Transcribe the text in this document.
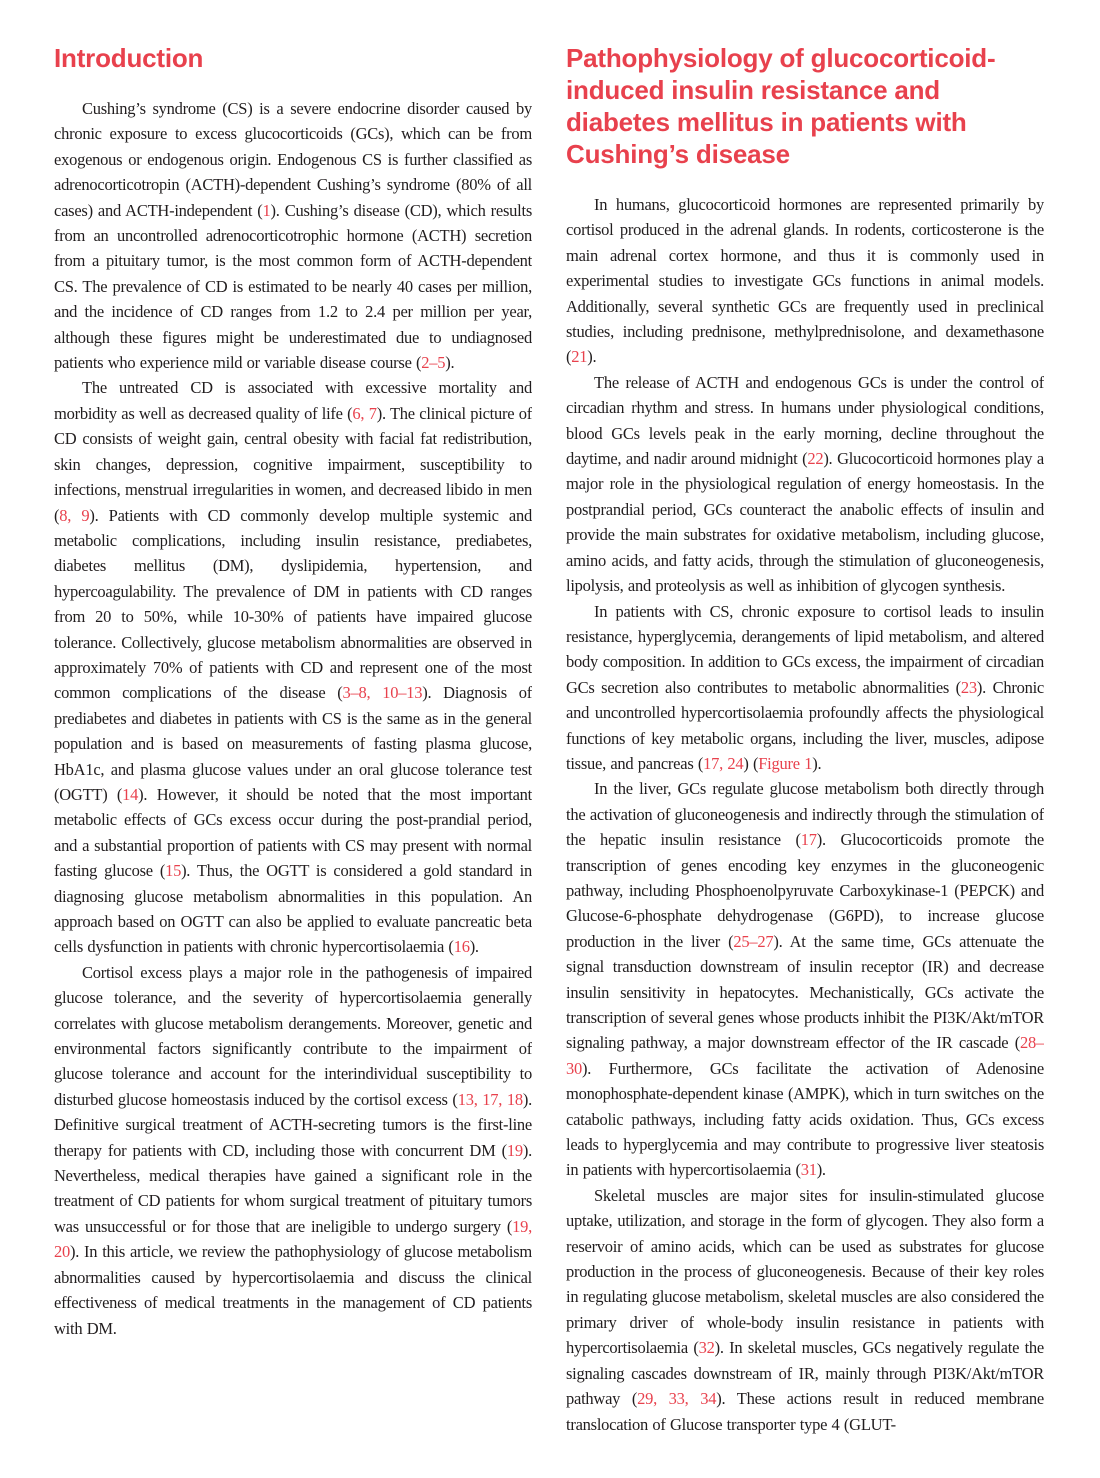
Introduction

Cushing’s syndrome (CS) is a severe endocrine disorder caused by chronic exposure to excess glucocorticoids (GCs), which can be from exogenous or endogenous origin. Endogenous CS is further classified as adrenocorticotropin (ACTH)-dependent Cushing’s syndrome (80% of all cases) and ACTH-independent (1). Cushing’s disease (CD), which results from an uncontrolled adrenocorticotrophic hormone (ACTH) secretion from a pituitary tumor, is the most common form of ACTH-dependent CS. The prevalence of CD is estimated to be nearly 40 cases per million, and the incidence of CD ranges from 1.2 to 2.4 per million per year, although these figures might be underestimated due to undiagnosed patients who experience mild or variable disease course (2–5).

The untreated CD is associated with excessive mortality and morbidity as well as decreased quality of life (6, 7). The clinical picture of CD consists of weight gain, central obesity with facial fat redistribution, skin changes, depression, cognitive impairment, susceptibility to infections, menstrual irregularities in women, and decreased libido in men (8, 9). Patients with CD commonly develop multiple systemic and metabolic complications, including insulin resistance, prediabetes, diabetes mellitus (DM), dyslipidemia, hypertension, and hypercoagulability. The prevalence of DM in patients with CD ranges from 20 to 50%, while 10-30% of patients have impaired glucose tolerance. Collectively, glucose metabolism abnormalities are observed in approximately 70% of patients with CD and represent one of the most common complications of the disease (3–8, 10–13). Diagnosis of prediabetes and diabetes in patients with CS is the same as in the general population and is based on measurements of fasting plasma glucose, HbA1c, and plasma glucose values under an oral glucose tolerance test (OGTT) (14). However, it should be noted that the most important metabolic effects of GCs excess occur during the post-prandial period, and a substantial proportion of patients with CS may present with normal fasting glucose (15). Thus, the OGTT is considered a gold standard in diagnosing glucose metabolism abnormalities in this population. An approach based on OGTT can also be applied to evaluate pancreatic beta cells dysfunction in patients with chronic hypercortisolaemia (16).

Cortisol excess plays a major role in the pathogenesis of impaired glucose tolerance, and the severity of hypercortisolaemia generally correlates with glucose metabolism derangements. Moreover, genetic and environmental factors significantly contribute to the impairment of glucose tolerance and account for the interindividual susceptibility to disturbed glucose homeostasis induced by the cortisol excess (13, 17, 18). Definitive surgical treatment of ACTH-secreting tumors is the first-line therapy for patients with CD, including those with concurrent DM (19). Nevertheless, medical therapies have gained a significant role in the treatment of CD patients for whom surgical treatment of pituitary tumors was unsuccessful or for those that are ineligible to undergo surgery (19, 20). In this article, we review the pathophysiology of glucose metabolism abnormalities caused by hypercortisolaemia and discuss the clinical effectiveness of medical treatments in the management of CD patients with DM.

Pathophysiology of glucocorticoid-induced insulin resistance and diabetes mellitus in patients with Cushing’s disease

In humans, glucocorticoid hormones are represented primarily by cortisol produced in the adrenal glands. In rodents, corticosterone is the main adrenal cortex hormone, and thus it is commonly used in experimental studies to investigate GCs functions in animal models. Additionally, several synthetic GCs are frequently used in preclinical studies, including prednisone, methylprednisolone, and dexamethasone (21).

The release of ACTH and endogenous GCs is under the control of circadian rhythm and stress. In humans under physiological conditions, blood GCs levels peak in the early morning, decline throughout the daytime, and nadir around midnight (22). Glucocorticoid hormones play a major role in the physiological regulation of energy homeostasis. In the postprandial period, GCs counteract the anabolic effects of insulin and provide the main substrates for oxidative metabolism, including glucose, amino acids, and fatty acids, through the stimulation of gluconeogenesis, lipolysis, and proteolysis as well as inhibition of glycogen synthesis.

In patients with CS, chronic exposure to cortisol leads to insulin resistance, hyperglycemia, derangements of lipid metabolism, and altered body composition. In addition to GCs excess, the impairment of circadian GCs secretion also contributes to metabolic abnormalities (23). Chronic and uncontrolled hypercortisolaemia profoundly affects the physiological functions of key metabolic organs, including the liver, muscles, adipose tissue, and pancreas (17, 24) (Figure 1).

In the liver, GCs regulate glucose metabolism both directly through the activation of gluconeogenesis and indirectly through the stimulation of the hepatic insulin resistance (17). Glucocorticoids promote the transcription of genes encoding key enzymes in the gluconeogenic pathway, including Phosphoenolpyruvate Carboxykinase-1 (PEPCK) and Glucose-6-phosphate dehydrogenase (G6PD), to increase glucose production in the liver (25–27). At the same time, GCs attenuate the signal transduction downstream of insulin receptor (IR) and decrease insulin sensitivity in hepatocytes. Mechanistically, GCs activate the transcription of several genes whose products inhibit the PI3K/Akt/mTOR signaling pathway, a major downstream effector of the IR cascade (28–30). Furthermore, GCs facilitate the activation of Adenosine monophosphate-dependent kinase (AMPK), which in turn switches on the catabolic pathways, including fatty acids oxidation. Thus, GCs excess leads to hyperglycemia and may contribute to progressive liver steatosis in patients with hypercortisolaemia (31).

Skeletal muscles are major sites for insulin-stimulated glucose uptake, utilization, and storage in the form of glycogen. They also form a reservoir of amino acids, which can be used as substrates for glucose production in the process of gluconeogenesis. Because of their key roles in regulating glucose metabolism, skeletal muscles are also considered the primary driver of whole-body insulin resistance in patients with hypercortisolaemia (32). In skeletal muscles, GCs negatively regulate the signaling cascades downstream of IR, mainly through PI3K/Akt/mTOR pathway (29, 33, 34). These actions result in reduced membrane translocation of Glucose transporter type 4 (GLUT-
